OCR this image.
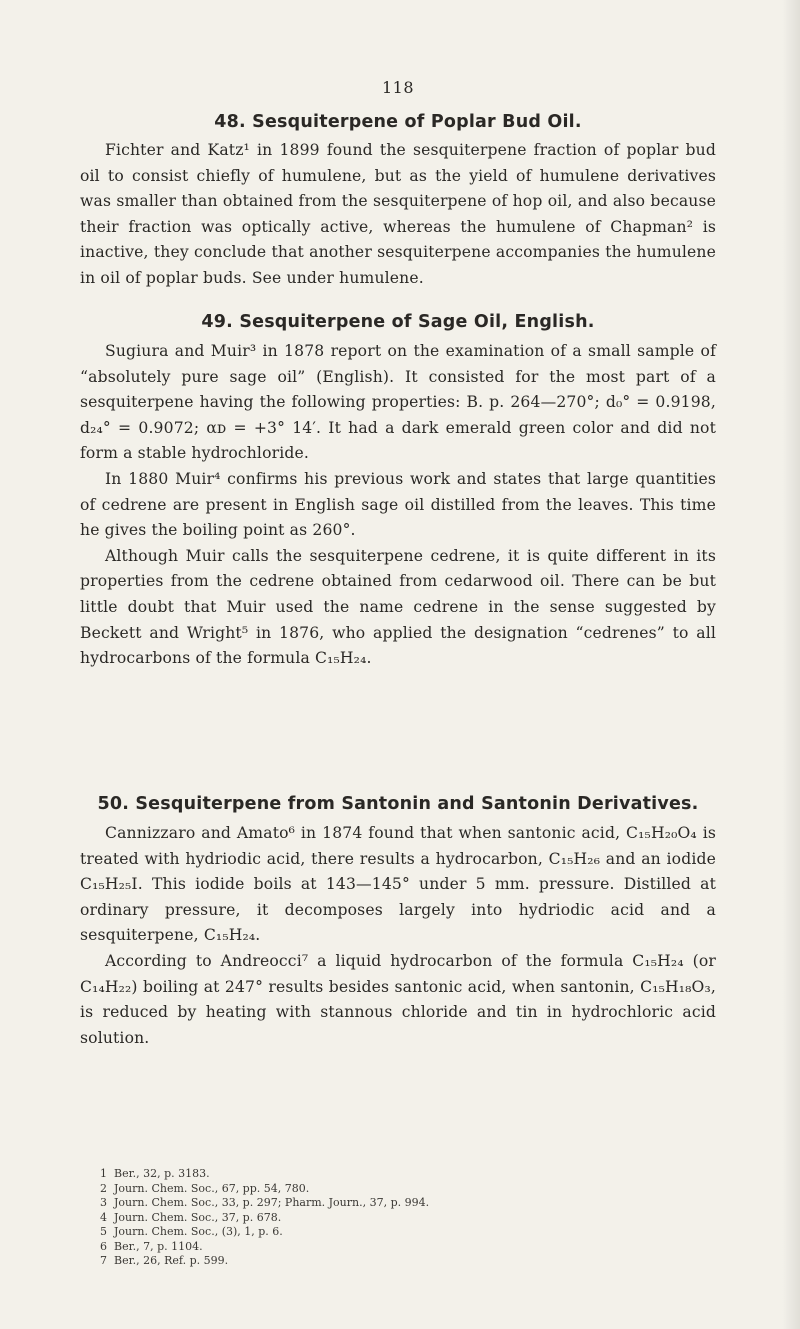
118
48. Sesquiterpene of Poplar Bud Oil.

Fichter and Katz¹ in 1899 found the sesquiterpene fraction of poplar bud oil to consist chiefly of humulene, but as the yield of humulene derivatives was smaller than obtained from the sesquiterpene of hop oil, and also because their fraction was optically active, whereas the humulene of Chapman² is inactive, they conclude that another sesquiterpene accompanies the humulene in oil of poplar buds. See under humulene.

49. Sesquiterpene of Sage Oil, English.

Sugiura and Muir³ in 1878 report on the examination of a small sample of “absolutely pure sage oil” (English). It consisted for the most part of a sesquiterpene having the following properties: B. p. 264—270°; d₀° = 0.9198, d₂₄° = 0.9072; αᴅ = +3° 14′. It had a dark emerald green color and did not form a stable hydrochloride.

In 1880 Muir⁴ confirms his previous work and states that large quantities of cedrene are present in English sage oil distilled from the leaves. This time he gives the boiling point as 260°.

Although Muir calls the sesquiterpene cedrene, it is quite different in its properties from the cedrene obtained from cedarwood oil. There can be but little doubt that Muir used the name cedrene in the sense suggested by Beckett and Wright⁵ in 1876, who applied the designation “cedrenes” to all hydrocarbons of the formula C₁₅H₂₄.

50. Sesquiterpene from Santonin and Santonin Derivatives.

Cannizzaro and Amato⁶ in 1874 found that when santonic acid, C₁₅H₂₀O₄ is treated with hydriodic acid, there results a hydrocarbon, C₁₅H₂₆ and an iodide C₁₅H₂₅I. This iodide boils at 143—145° under 5 mm. pressure. Distilled at ordinary pressure, it decomposes largely into hydriodic acid and a sesquiterpene, C₁₅H₂₄.

According to Andreocci⁷ a liquid hydrocarbon of the formula C₁₅H₂₄ (or C₁₄H₂₂) boiling at 247° results besides santonic acid, when santonin, C₁₅H₁₈O₃, is reduced by heating with stannous chloride and tin in hydrochloric acid solution.

1 Ber., 32, p. 3183.
2 Journ. Chem. Soc., 67, pp. 54, 780.
3 Journ. Chem. Soc., 33, p. 297; Pharm. Journ., 37, p. 994.
4 Journ. Chem. Soc., 37, p. 678.
5 Journ. Chem. Soc., (3), 1, p. 6.
6 Ber., 7, p. 1104.
7 Ber., 26, Ref. p. 599.
